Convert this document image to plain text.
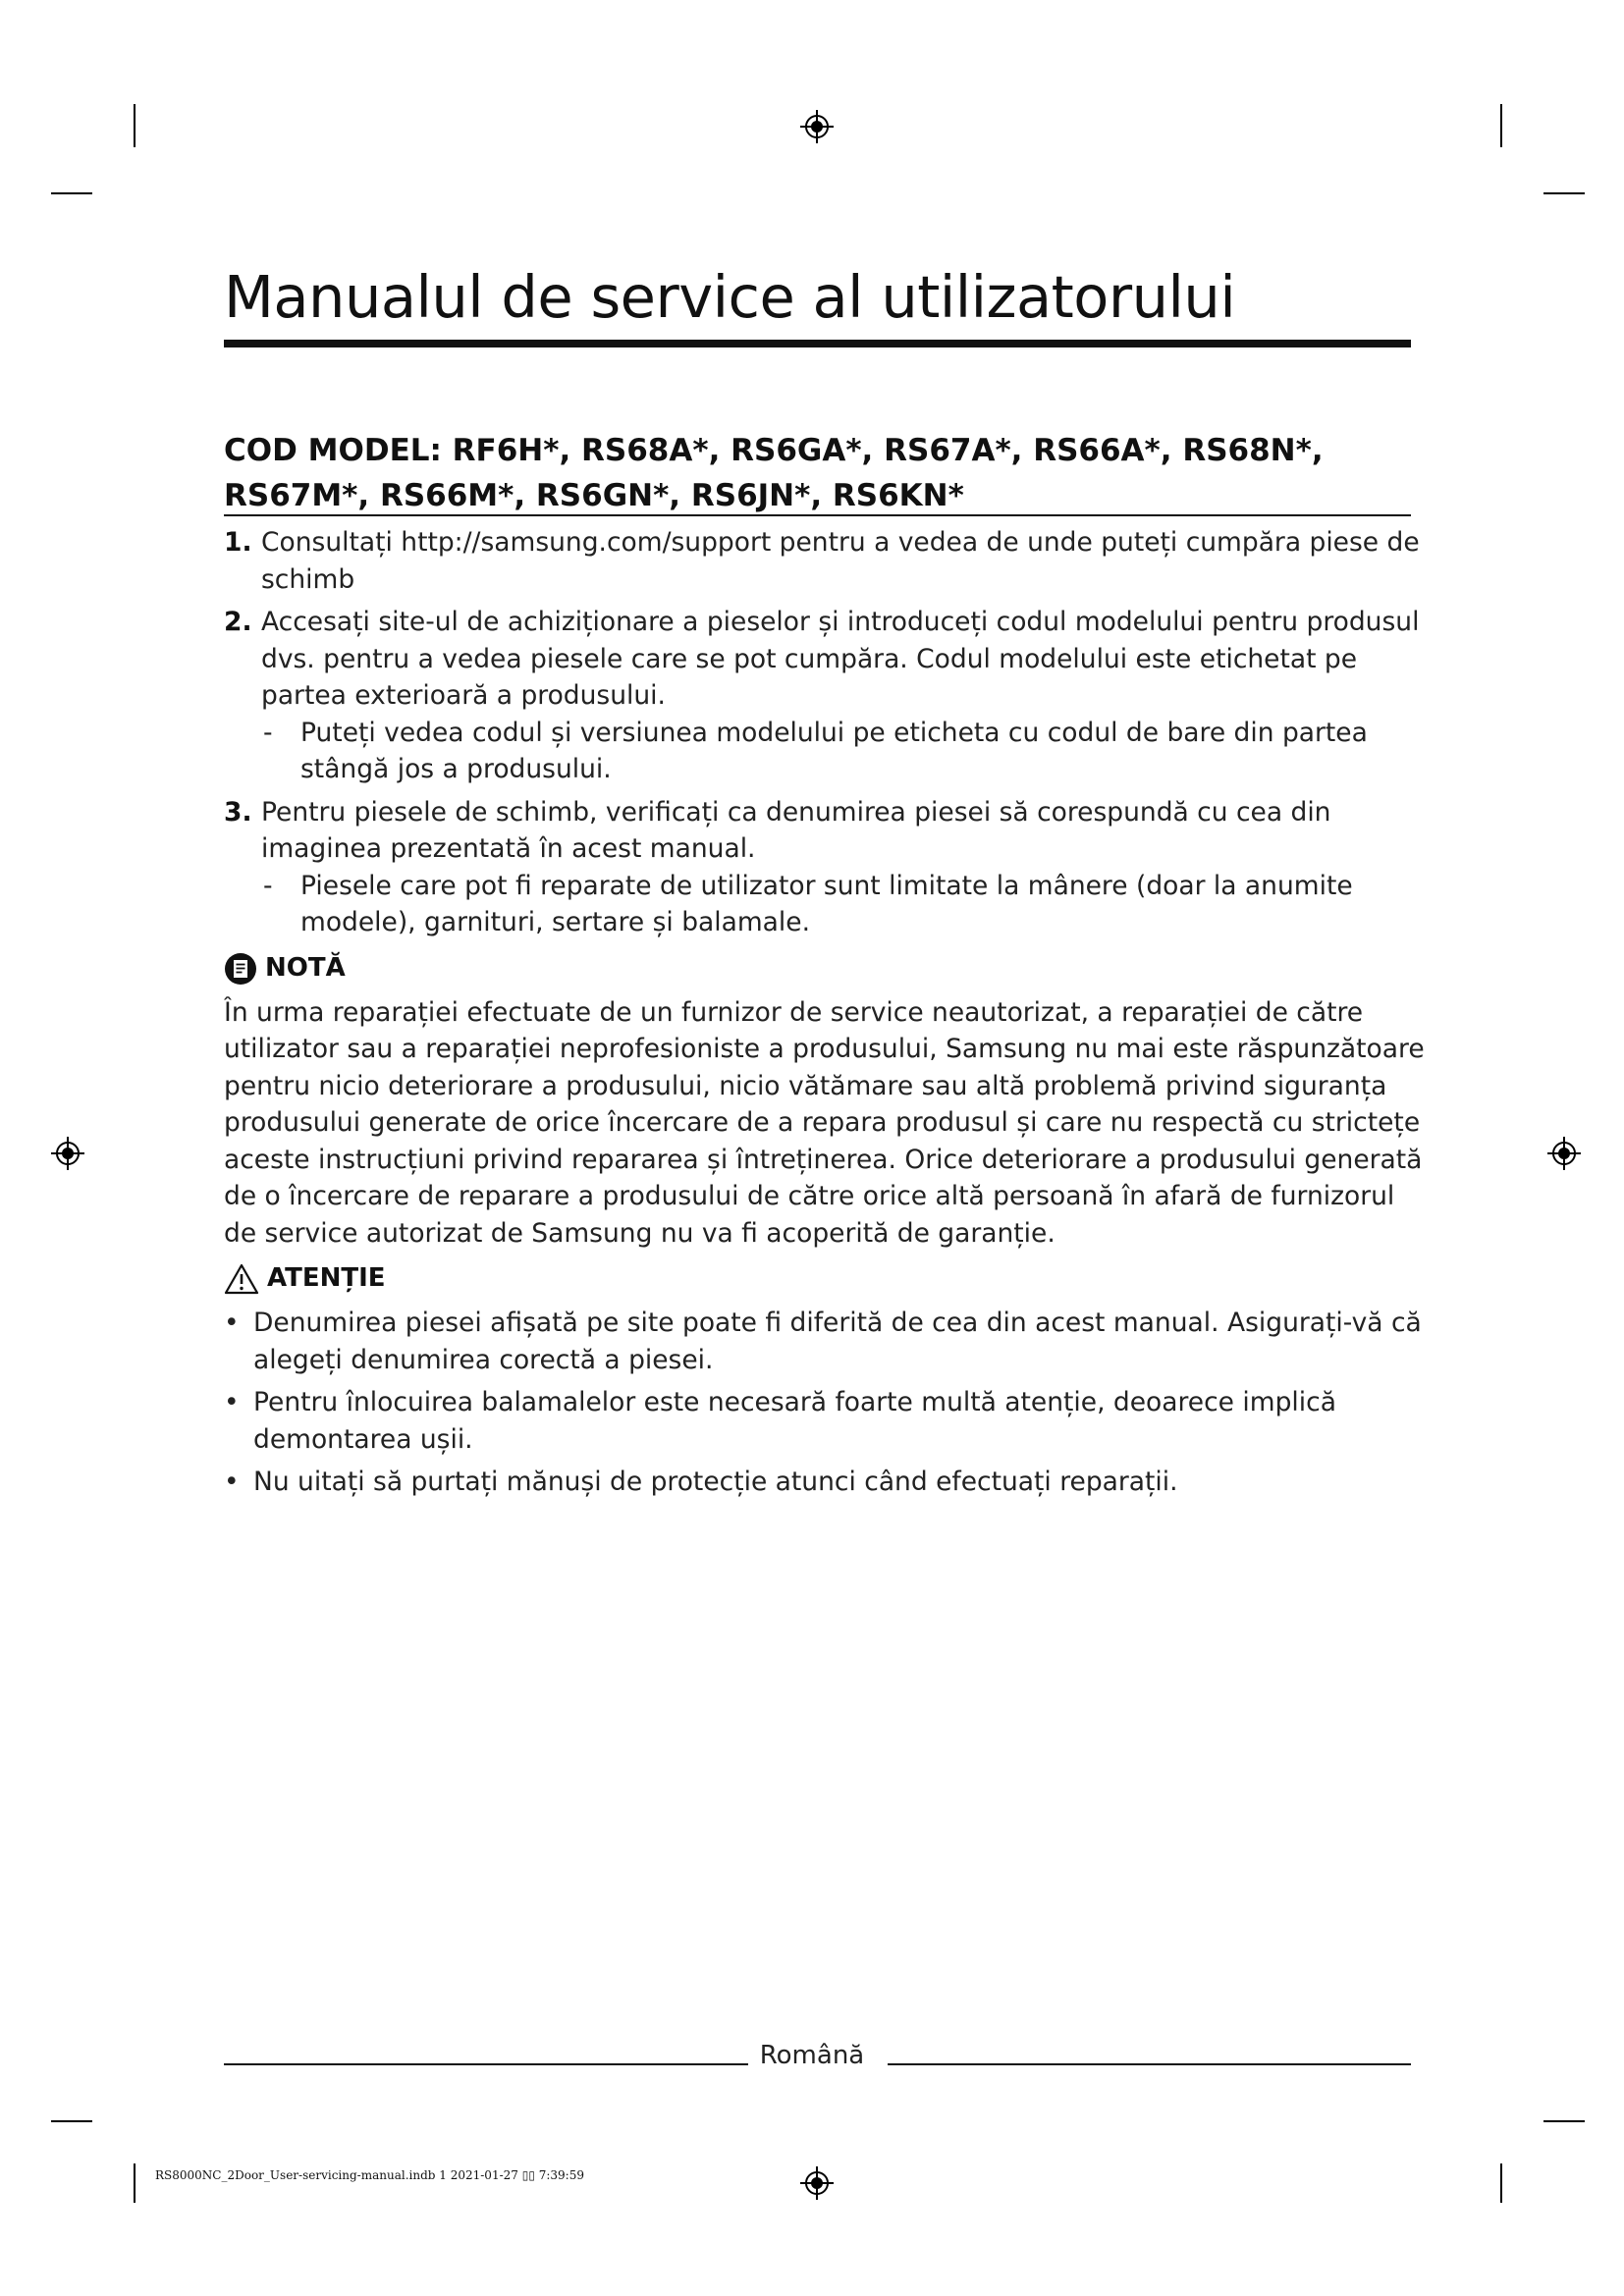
Manualul de service al utilizatorului
COD MODEL: RF6H*, RS68A*, RS6GA*, RS67A*, RS66A*, RS68N*, RS67M*, RS66M*, RS6GN*, RS6JN*, RS6KN*
1. Consultați http://samsung.com/support pentru a vedea de unde puteți cumpăra piese de schimb
2. Accesați site-ul de achiziționare a pieselor și introduceți codul modelului pentru produsul dvs. pentru a vedea piesele care se pot cumpăra. Codul modelului este etichetat pe partea exterioară a produsului.
- Puteți vedea codul și versiunea modelului pe eticheta cu codul de bare din partea stângă jos a produsului.
3. Pentru piesele de schimb, verificați ca denumirea piesei să corespundă cu cea din imaginea prezentată în acest manual.
- Piesele care pot fi reparate de utilizator sunt limitate la mânere (doar la anumite modele), garnituri, sertare și balamale.
NOTĂ

În urma reparației efectuate de un furnizor de service neautorizat, a reparației de către utilizator sau a reparației neprofesioniste a produsului, Samsung nu mai este răspunzătoare pentru nicio deteriorare a produsului, nicio vătămare sau altă problemă privind siguranța produsului generate de orice încercare de a repara produsul și care nu respectă cu strictețe aceste instrucțiuni privind repararea și întreținerea. Orice deteriorare a produsului generată de o încercare de reparare a produsului de către orice altă persoană în afară de furnizorul de service autorizat de Samsung nu va fi acoperită de garanție.

ATENȚIE
• Denumirea piesei afișată pe site poate fi diferită de cea din acest manual. Asigurați-vă că alegeți denumirea corectă a piesei.
• Pentru înlocuirea balamalelor este necesară foarte multă atenție, deoarece implică demontarea ușii.
• Nu uitați să purtați mănuși de protecție atunci când efectuați reparații.
Română
RS8000NC_2Door_User-servicing-manual.indb 1 2021-01-27 ▯▯ 7:39:59
